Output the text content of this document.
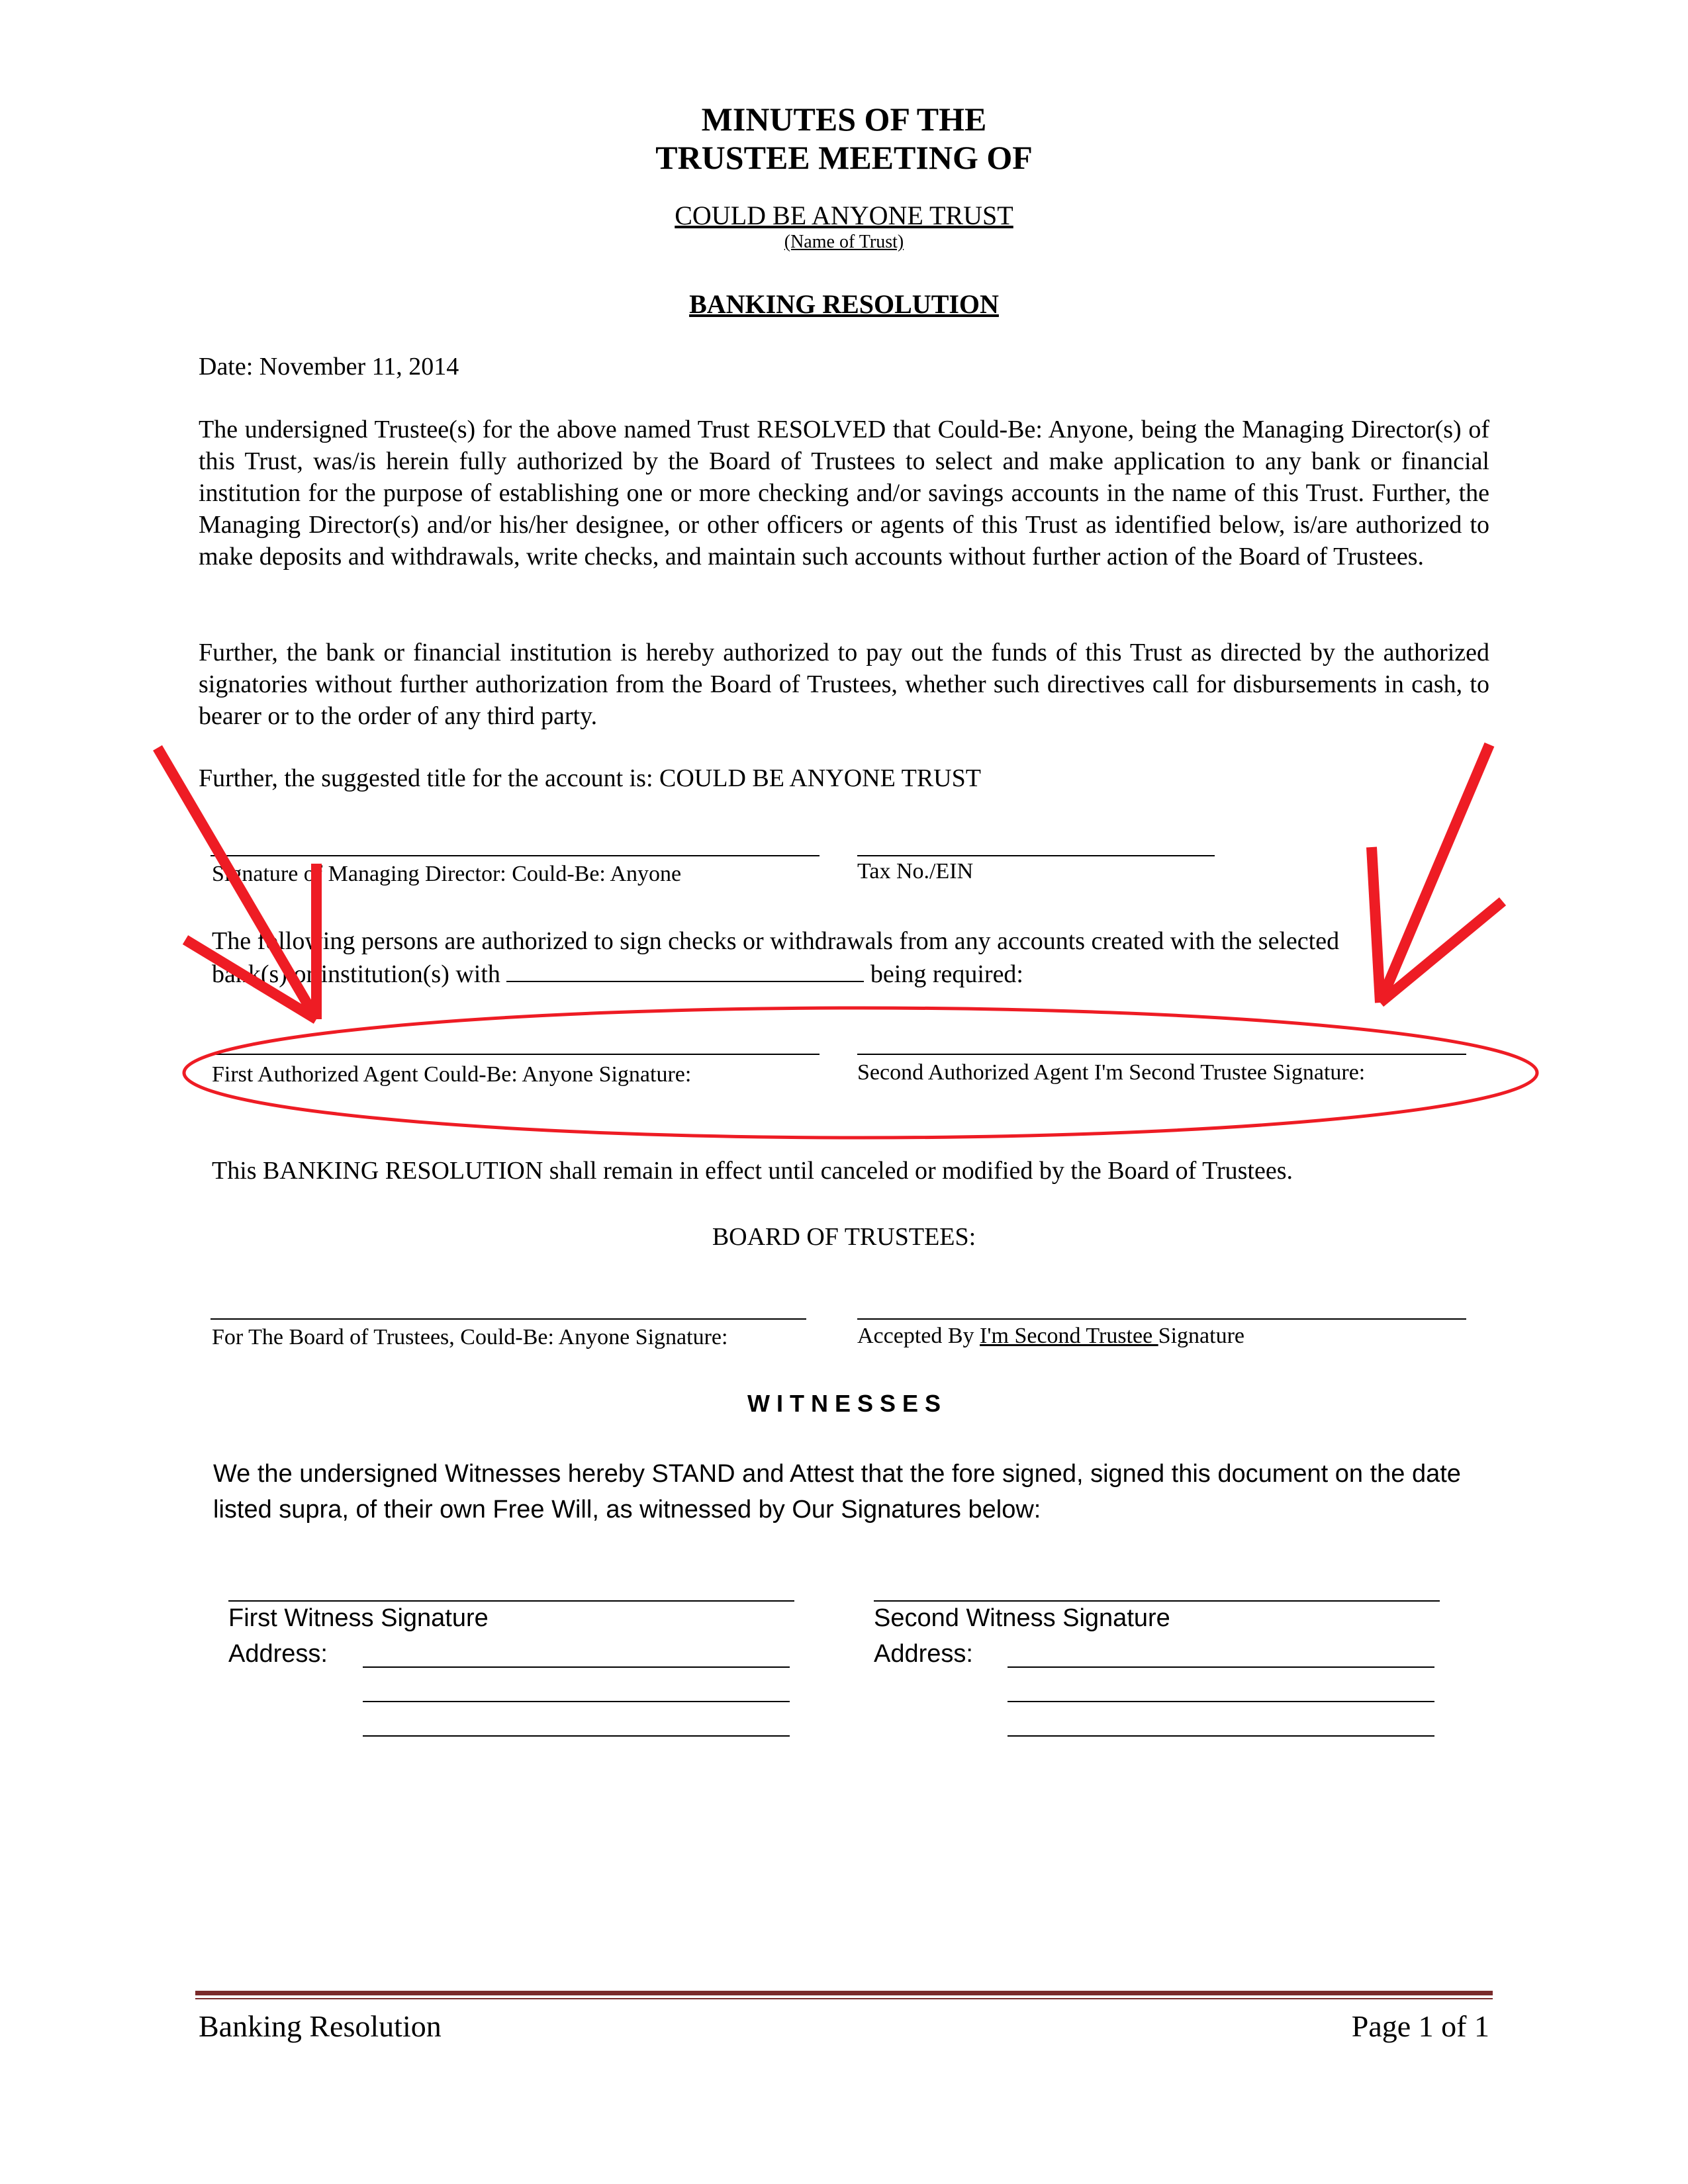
MINUTES OF THE
TRUSTEE MEETING OF
COULD BE ANYONE TRUST
(Name of Trust)
BANKING RESOLUTION
Date: November 11, 2014
The undersigned Trustee(s) for the above named Trust RESOLVED that Could-Be: Anyone, being the Managing Director(s) of this Trust, was/is herein fully authorized by the Board of Trustees to select and make application to any bank or financial institution for the purpose of establishing one or more checking and/or savings accounts in the name of this Trust. Further, the Managing Director(s) and/or his/her designee, or other officers or agents of this Trust as identified below, is/are authorized to make deposits and withdrawals, write checks, and maintain such accounts without further action of the Board of Trustees.
Further, the bank or financial institution is hereby authorized to pay out the funds of this Trust as directed by the authorized signatories without further authorization from the Board of Trustees, whether such directives call for disbursements in cash, to bearer or to the order of any third party.
Further, the suggested title for the account is: COULD BE ANYONE TRUST
Signature of Managing Director: Could-Be: Anyone	Tax No./EIN
The following persons are authorized to sign checks or withdrawals from any accounts created with the selected
bank(s) or institution(s) with	being required:
First Authorized Agent Could-Be: Anyone Signature:	Second Authorized Agent I'm Second Trustee Signature:
This BANKING RESOLUTION shall remain in effect until canceled or modified by the Board of Trustees.
BOARD OF TRUSTEES:
For The Board of Trustees, Could-Be: Anyone Signature:	Accepted By I'm Second Trustee Signature
W I T N E S S E S
We the undersigned Witnesses hereby STAND and Attest that the fore signed, signed this document on the date
listed supra, of their own Free Will, as witnessed by Our Signatures below:
First Witness Signature	Second Witness Signature
Address:	Address:
Banking Resolution	Page 1 of 1
